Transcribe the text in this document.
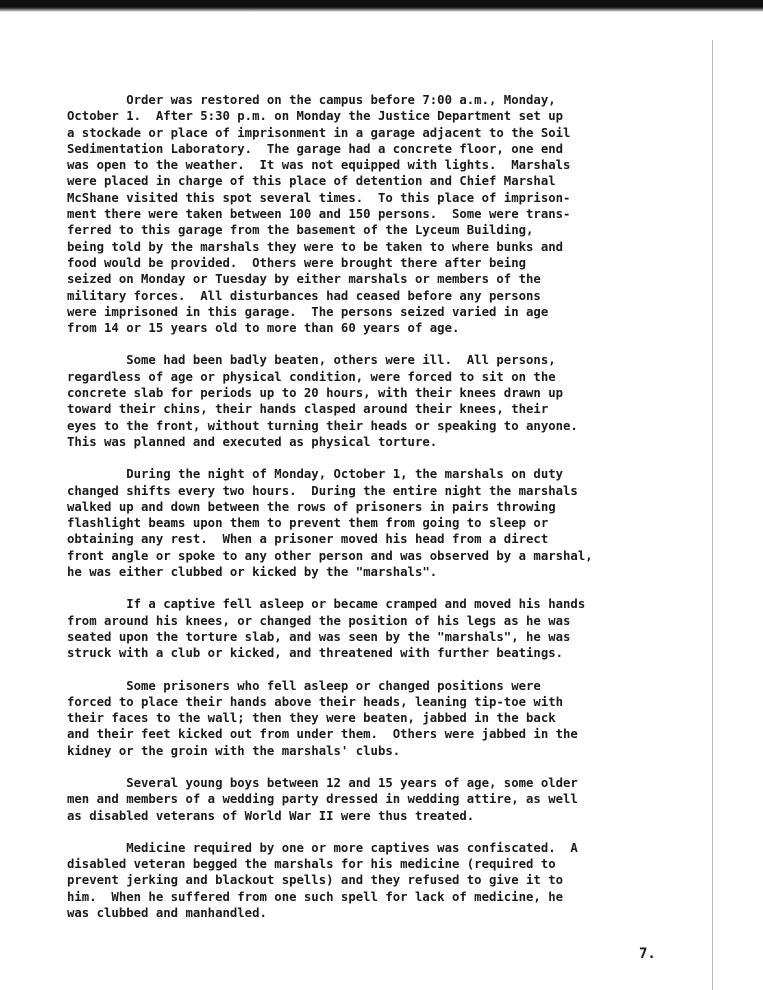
Order was restored on the campus before 7:00 a.m., Monday,
October 1.  After 5:30 p.m. on Monday the Justice Department set up
a stockade or place of imprisonment in a garage adjacent to the Soil
Sedimentation Laboratory.  The garage had a concrete floor, one end
was open to the weather.  It was not equipped with lights.  Marshals
were placed in charge of this place of detention and Chief Marshal
McShane visited this spot several times.  To this place of imprison-
ment there were taken between 100 and 150 persons.  Some were trans-
ferred to this garage from the basement of the Lyceum Building,
being told by the marshals they were to be taken to where bunks and
food would be provided.  Others were brought there after being
seized on Monday or Tuesday by either marshals or members of the
military forces.  All disturbances had ceased before any persons
were imprisoned in this garage.  The persons seized varied in age
from 14 or 15 years old to more than 60 years of age.

Some had been badly beaten, others were ill.  All persons,
regardless of age or physical condition, were forced to sit on the
concrete slab for periods up to 20 hours, with their knees drawn up
toward their chins, their hands clasped around their knees, their
eyes to the front, without turning their heads or speaking to anyone.
This was planned and executed as physical torture.

During the night of Monday, October 1, the marshals on duty
changed shifts every two hours.  During the entire night the marshals
walked up and down between the rows of prisoners in pairs throwing
flashlight beams upon them to prevent them from going to sleep or
obtaining any rest.  When a prisoner moved his head from a direct
front angle or spoke to any other person and was observed by a marshal,
he was either clubbed or kicked by the "marshals".

If a captive fell asleep or became cramped and moved his hands
from around his knees, or changed the position of his legs as he was
seated upon the torture slab, and was seen by the "marshals", he was
struck with a club or kicked, and threatened with further beatings.

Some prisoners who fell asleep or changed positions were
forced to place their hands above their heads, leaning tip-toe with
their faces to the wall; then they were beaten, jabbed in the back
and their feet kicked out from under them.  Others were jabbed in the
kidney or the groin with the marshals' clubs.

Several young boys between 12 and 15 years of age, some older
men and members of a wedding party dressed in wedding attire, as well
as disabled veterans of World War II were thus treated.

Medicine required by one or more captives was confiscated.  A
disabled veteran begged the marshals for his medicine (required to
prevent jerking and blackout spells) and they refused to give it to
him.  When he suffered from one such spell for lack of medicine, he
was clubbed and manhandled.

7.
